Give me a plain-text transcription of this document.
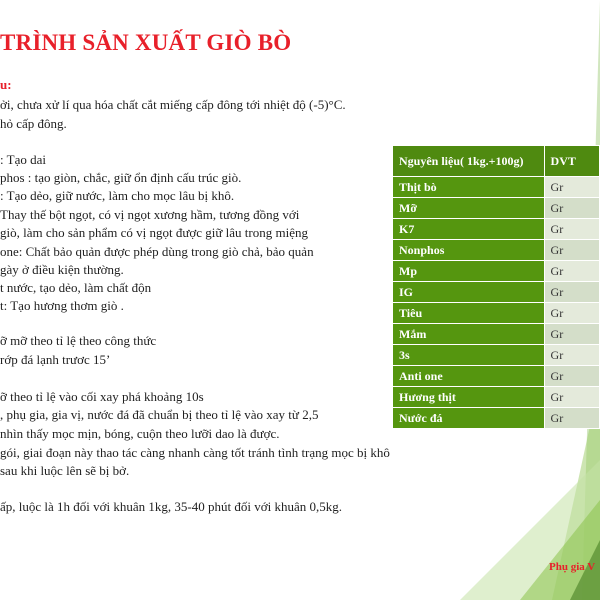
TRÌNH SẢN XUẤT GIÒ BÒ
u:
ởi, chưa xử lí qua hóa chất cắt miếng cấp đông tới nhiệt độ (-5)°C.
hỏ cấp đông.
: Tạo dai
phos : tạo giòn, chắc, giữ ổn định cấu trúc giò.
: Tạo dẻo, giữ nước, làm cho mọc lâu bị khô.
Thay thế bột ngọt, có vị ngọt xương hầm, tương đồng với
giò, làm cho sản phẩm có vị ngọt được giữ lâu trong miệng
one: Chất bảo quản được phép dùng trong giò chả, bảo quản
gày ở điều kiện thường.
t nước, tạo dẻo, làm chất độn
t: Tạo hương thơm giò .
ỡ mỡ theo tỉ lệ theo công thức
rớp đá lạnh trươc 15’
ỡ theo tỉ lệ vào cối xay phá khoảng 10s
, phụ gia, gia vị, nước đá đã chuẩn bị theo tỉ lệ vào xay từ 2,5
nhìn thấy mọc mịn, bóng, cuộn theo lưỡi dao là được.
gói, giai đoạn này thao tác càng nhanh càng tốt tránh tình trạng mọc bị khô
sau khi luộc lên sẽ bị bở.
ấp, luộc là 1h đối với khuân 1kg, 35-40 phút đối với khuân 0,5kg.
Nguyên liệu( 1kg.+100g)	DVT
Thịt bò	Gr
Mỡ	Gr
K7	Gr
Nonphos	Gr
Mp	Gr
IG	Gr
Tiêu	Gr
Mắm	Gr
3s	Gr
Anti one	Gr
Hương thịt	Gr
Nước đá	Gr
Phụ gia V
